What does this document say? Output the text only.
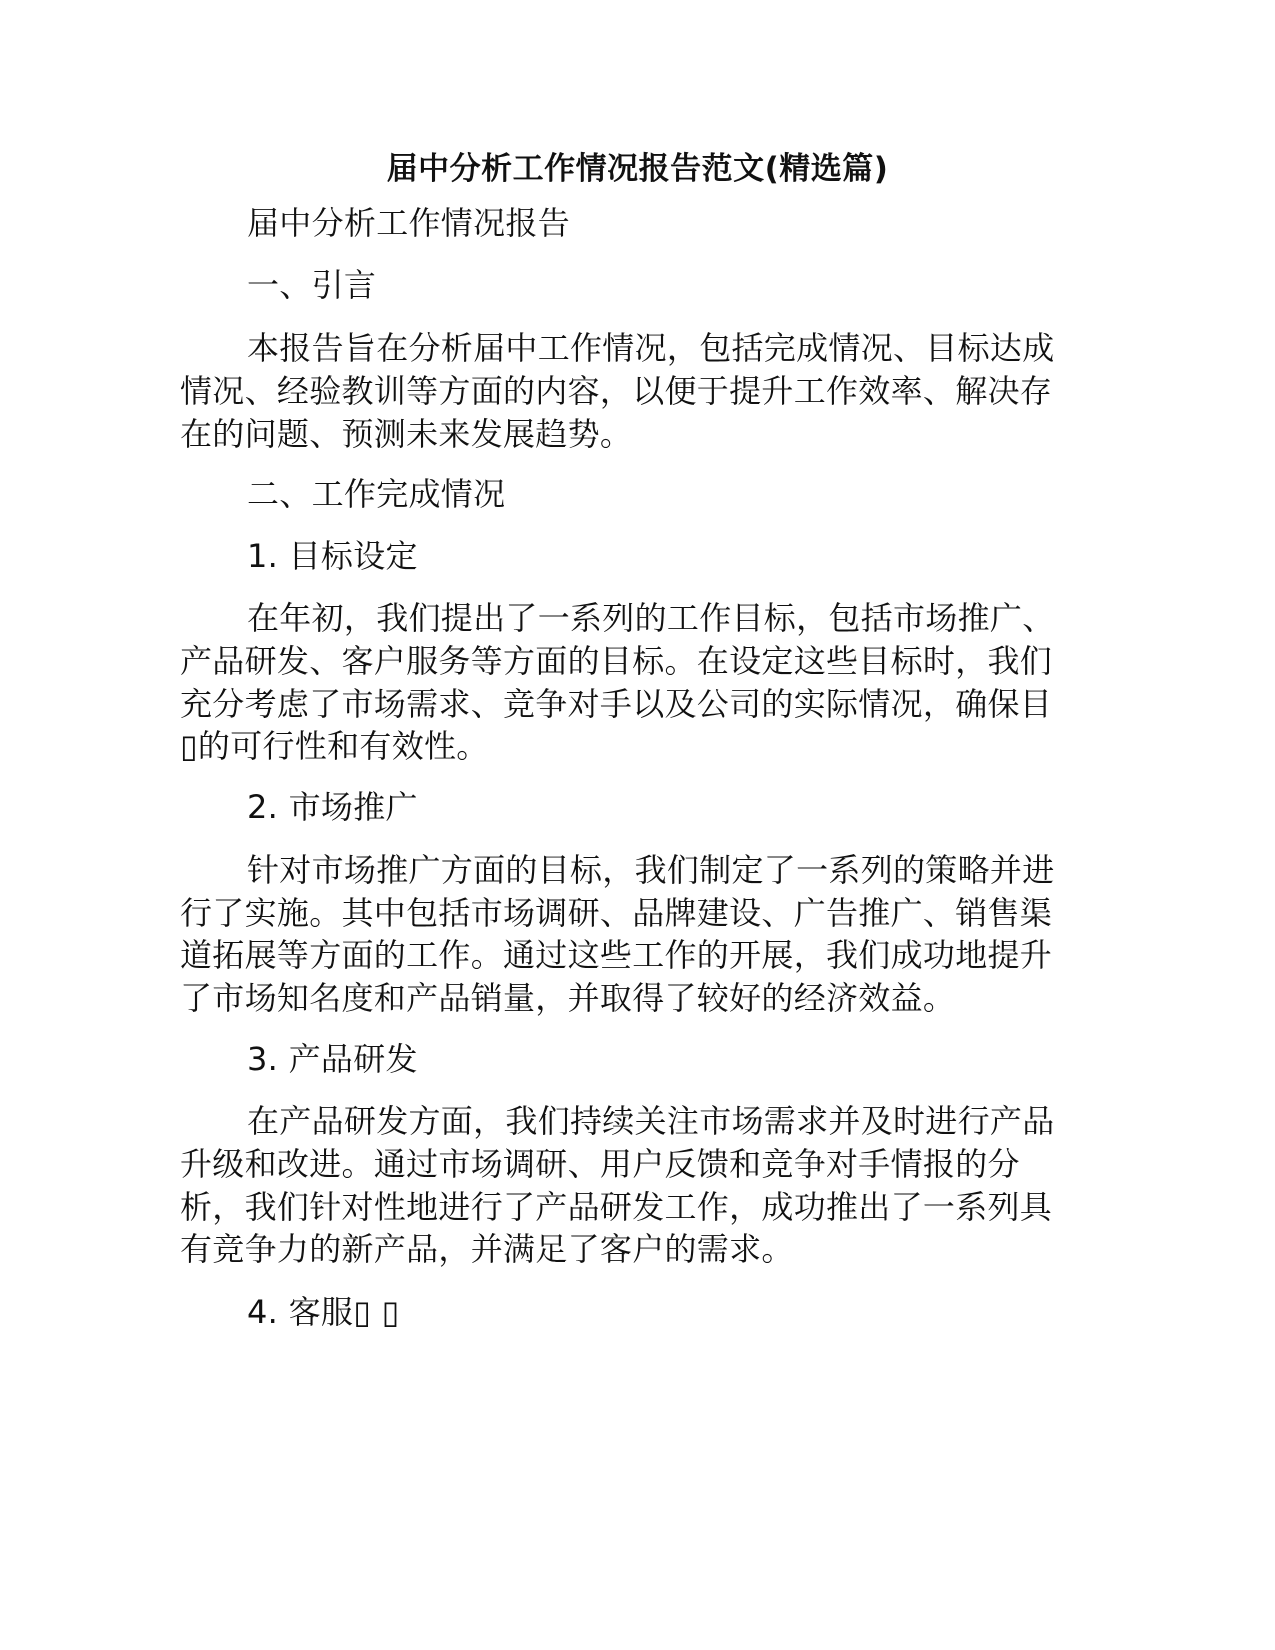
届中分析工作情况报告范文(精选篇)
届中分析工作情况报告
一、引言
本报告旨在分析届中工作情况，包括完成情况、目标达成
情况、经验教训等方面的内容，以便于提升工作效率、解决存
在的问题、预测未来发展趋势。
二、工作完成情况
1. 目标设定
在年初，我们提出了一系列的工作目标，包括市场推广、
产品研发、客户服务等方面的目标。在设定这些目标时，我们
充分考虑了市场需求、竞争对手以及公司的实际情况，确保目
▯的可行性和有效性。
2. 市场推广
针对市场推广方面的目标，我们制定了一系列的策略并进
行了实施。其中包括市场调研、品牌建设、广告推广、销售渠
道拓展等方面的工作。通过这些工作的开展，我们成功地提升
了市场知名度和产品销量，并取得了较好的经济效益。
3. 产品研发
在产品研发方面，我们持续关注市场需求并及时进行产品
升级和改进。通过市场调研、用户反馈和竞争对手情报的分
析，我们针对性地进行了产品研发工作，成功推出了一系列具
有竞争力的新产品，并满足了客户的需求。
4. 客服▯ ▯
